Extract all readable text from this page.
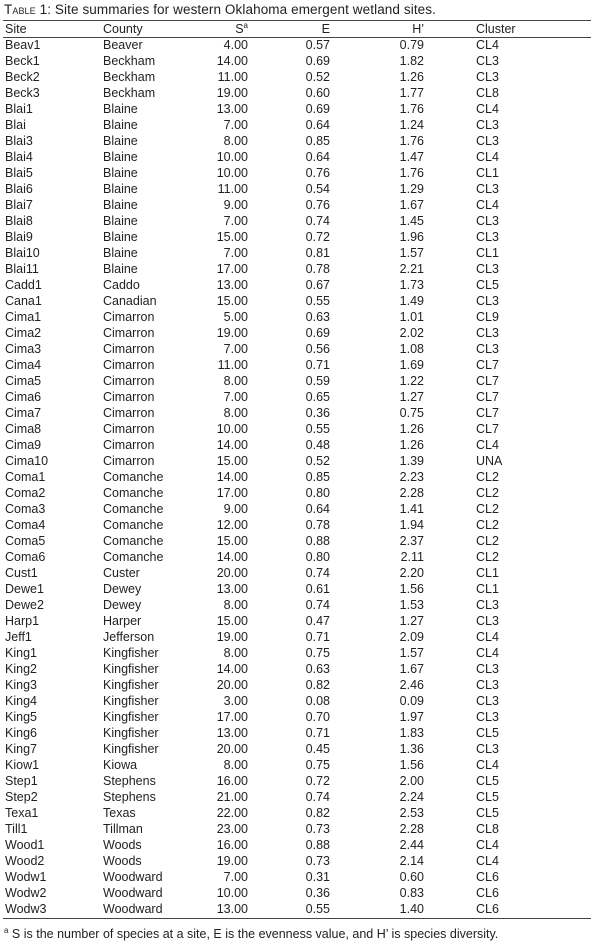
Table 1: Site summaries for western Oklahoma emergent wetland sites.
Site	County	$S^a$	E	H’	Cluster
Beav1	Beaver	4.00	0.57	0.79	CL4
Beck1	Beckham	14.00	0.69	1.82	CL3
Beck2	Beckham	11.00	0.52	1.26	CL3
Beck3	Beckham	19.00	0.60	1.77	CL8
Blai1	Blaine	13.00	0.69	1.76	CL4
Blai	Blaine	7.00	0.64	1.24	CL3
Blai3	Blaine	8.00	0.85	1.76	CL3
Blai4	Blaine	10.00	0.64	1.47	CL4
Blai5	Blaine	10.00	0.76	1.76	CL1
Blai6	Blaine	11.00	0.54	1.29	CL3
Blai7	Blaine	9.00	0.76	1.67	CL4
Blai8	Blaine	7.00	0.74	1.45	CL3
Blai9	Blaine	15.00	0.72	1.96	CL3
Blai10	Blaine	7.00	0.81	1.57	CL1
Blai11	Blaine	17.00	0.78	2.21	CL3
Cadd1	Caddo	13.00	0.67	1.73	CL5
Cana1	Canadian	15.00	0.55	1.49	CL3
Cima1	Cimarron	5.00	0.63	1.01	CL9
Cima2	Cimarron	19.00	0.69	2.02	CL3
Cima3	Cimarron	7.00	0.56	1.08	CL3
Cima4	Cimarron	11.00	0.71	1.69	CL7
Cima5	Cimarron	8.00	0.59	1.22	CL7
Cima6	Cimarron	7.00	0.65	1.27	CL7
Cima7	Cimarron	8.00	0.36	0.75	CL7
Cima8	Cimarron	10.00	0.55	1.26	CL7
Cima9	Cimarron	14.00	0.48	1.26	CL4
Cima10	Cimarron	15.00	0.52	1.39	UNA
Coma1	Comanche	14.00	0.85	2.23	CL2
Coma2	Comanche	17.00	0.80	2.28	CL2
Coma3	Comanche	9.00	0.64	1.41	CL2
Coma4	Comanche	12.00	0.78	1.94	CL2
Coma5	Comanche	15.00	0.88	2.37	CL2
Coma6	Comanche	14.00	0.80	2.11	CL2
Cust1	Custer	20.00	0.74	2.20	CL1
Dewe1	Dewey	13.00	0.61	1.56	CL1
Dewe2	Dewey	8.00	0.74	1.53	CL3
Harp1	Harper	15.00	0.47	1.27	CL3
Jeff1	Jefferson	19.00	0.71	2.09	CL4
King1	Kingfisher	8.00	0.75	1.57	CL4
King2	Kingfisher	14.00	0.63	1.67	CL3
King3	Kingfisher	20.00	0.82	2.46	CL3
King4	Kingfisher	3.00	0.08	0.09	CL3
King5	Kingfisher	17.00	0.70	1.97	CL3
King6	Kingfisher	13.00	0.71	1.83	CL5
King7	Kingfisher	20.00	0.45	1.36	CL3
Kiow1	Kiowa	8.00	0.75	1.56	CL4
Step1	Stephens	16.00	0.72	2.00	CL5
Step2	Stephens	21.00	0.74	2.24	CL5
Texa1	Texas	22.00	0.82	2.53	CL5
Till1	Tillman	23.00	0.73	2.28	CL8
Wood1	Woods	16.00	0.88	2.44	CL4
Wood2	Woods	19.00	0.73	2.14	CL4
Wodw1	Woodward	7.00	0.31	0.60	CL6
Wodw2	Woodward	10.00	0.36	0.83	CL6
Wodw3	Woodward	13.00	0.55	1.40	CL6
$^a$ S is the number of species at a site, E is the evenness value, and H’ is species diversity.
